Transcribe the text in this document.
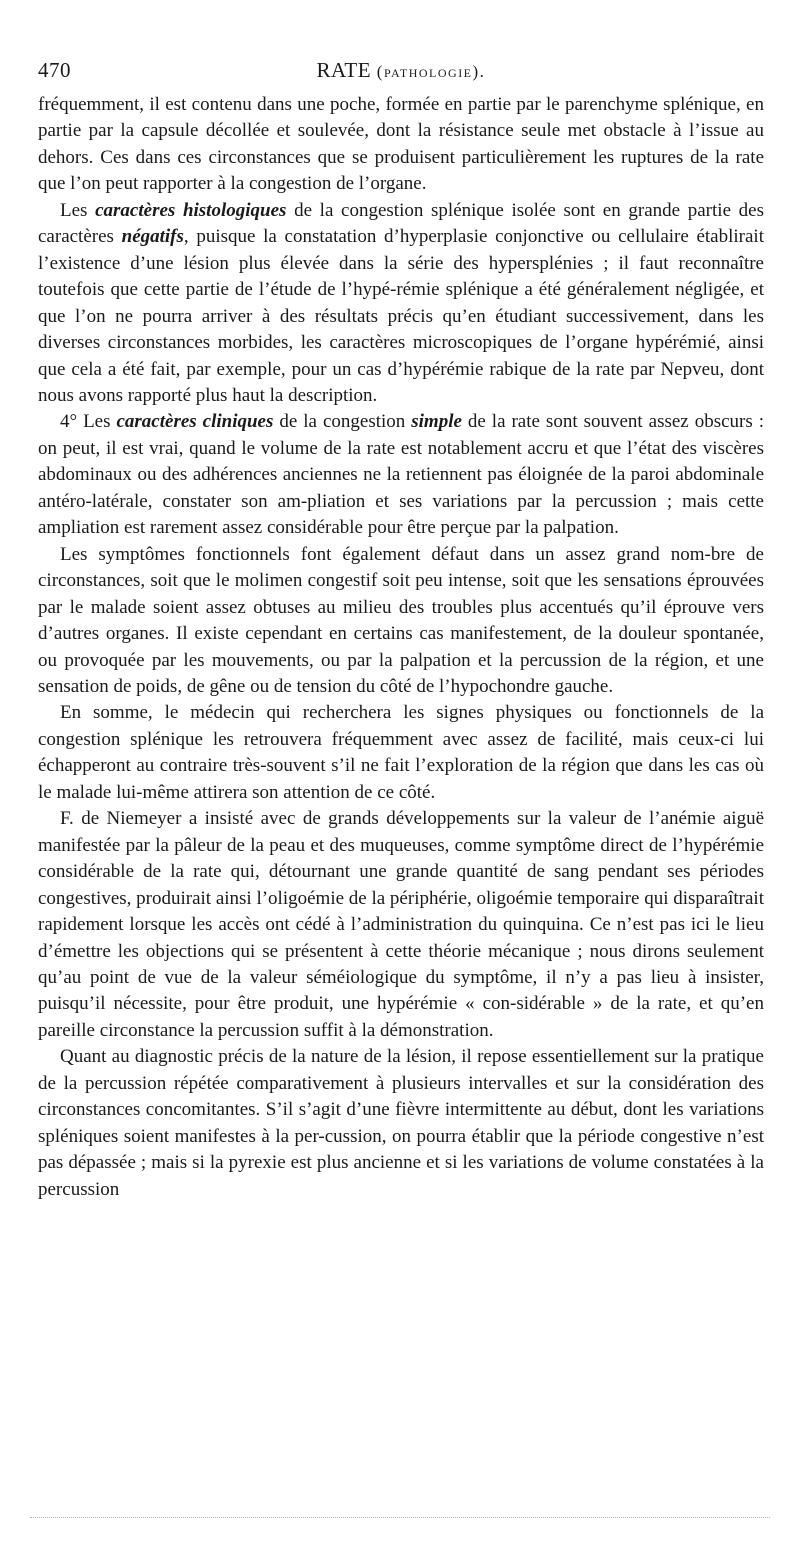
470	RATE (pathologie).

fréquemment, il est contenu dans une poche, formée en partie par le parenchyme splénique, en partie par la capsule décollée et soulevée, dont la résistance seule met obstacle à l’issue au dehors. Ces dans ces circonstances que se produisent particulièrement les ruptures de la rate que l’on peut rapporter à la congestion de l’organe.

Les caractères histologiques de la congestion splénique isolée sont en grande partie des caractères négatifs, puisque la constatation d’hyperplasie conjonctive ou cellulaire établirait l’existence d’une lésion plus élevée dans la série des hypersplénies ; il faut reconnaître toutefois que cette partie de l’étude de l’hypé-rémie splénique a été généralement négligée, et que l’on ne pourra arriver à des résultats précis qu’en étudiant successivement, dans les diverses circonstances morbides, les caractères microscopiques de l’organe hypérémié, ainsi que cela a été fait, par exemple, pour un cas d’hypérémie rabique de la rate par Nepveu, dont nous avons rapporté plus haut la description.

4° Les caractères cliniques de la congestion simple de la rate sont souvent assez obscurs : on peut, il est vrai, quand le volume de la rate est notablement accru et que l’état des viscères abdominaux ou des adhérences anciennes ne la retiennent pas éloignée de la paroi abdominale antéro-latérale, constater son am-pliation et ses variations par la percussion ; mais cette ampliation est rarement assez considérable pour être perçue par la palpation.

Les symptômes fonctionnels font également défaut dans un assez grand nom-bre de circonstances, soit que le molimen congestif soit peu intense, soit que les sensations éprouvées par le malade soient assez obtuses au milieu des troubles plus accentués qu’il éprouve vers d’autres organes. Il existe cependant en certains cas manifestement, de la douleur spontanée, ou provoquée par les mouvements, ou par la palpation et la percussion de la région, et une sensation de poids, de gêne ou de tension du côté de l’hypochondre gauche.

En somme, le médecin qui recherchera les signes physiques ou fonctionnels de la congestion splénique les retrouvera fréquemment avec assez de facilité, mais ceux-ci lui échapperont au contraire très-souvent s’il ne fait l’exploration de la région que dans les cas où le malade lui-même attirera son attention de ce côté.

F. de Niemeyer a insisté avec de grands développements sur la valeur de l’anémie aiguë manifestée par la pâleur de la peau et des muqueuses, comme symptôme direct de l’hypérémie considérable de la rate qui, détournant une grande quantité de sang pendant ses périodes congestives, produirait ainsi l’oligoémie de la périphérie, oligoémie temporaire qui disparaîtrait rapidement lorsque les accès ont cédé à l’administration du quinquina. Ce n’est pas ici le lieu d’émettre les objections qui se présentent à cette théorie mécanique ; nous dirons seulement qu’au point de vue de la valeur séméiologique du symptôme, il n’y a pas lieu à insister, puisqu’il nécessite, pour être produit, une hypérémie « con-sidérable » de la rate, et qu’en pareille circonstance la percussion suffit à la démonstration.

Quant au diagnostic précis de la nature de la lésion, il repose essentiellement sur la pratique de la percussion répétée comparativement à plusieurs intervalles et sur la considération des circonstances concomitantes. S’il s’agit d’une fièvre intermittente au début, dont les variations spléniques soient manifestes à la per-cussion, on pourra établir que la période congestive n’est pas dépassée ; mais si la pyrexie est plus ancienne et si les variations de volume constatées à la percussion
